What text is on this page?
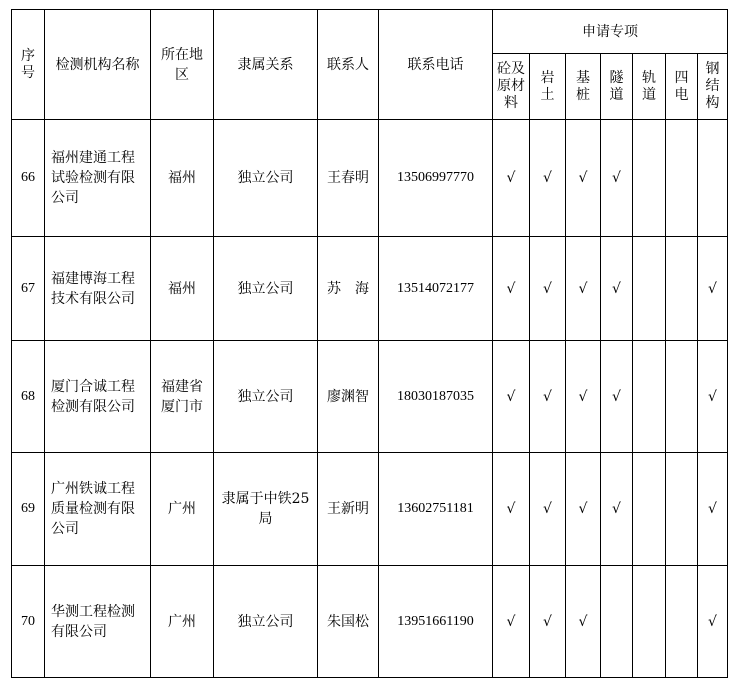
序号	检测机构名称	所在地区	隶属关系	联系人	联系电话	申请专项						
						砼及原材料	岩土	基桩	隧道	轨道	四电	钢结构
66	福州建通工程试验检测有限公司	福州	独立公司	王春明	13506997770	√	√	√	√			
67	福建博海工程技术有限公司	福州	独立公司	苏　海	13514072177	√	√	√	√			√
68	厦门合诚工程检测有限公司	福建省厦门市	独立公司	廖渊智	18030187035	√	√	√	√			√
69	广州铁诚工程质量检测有限公司	广州	隶属于中铁25局	王新明	13602751181	√	√	√	√			√
70	华测工程检测有限公司	广州	独立公司	朱国松	13951661190	√	√	√				√
